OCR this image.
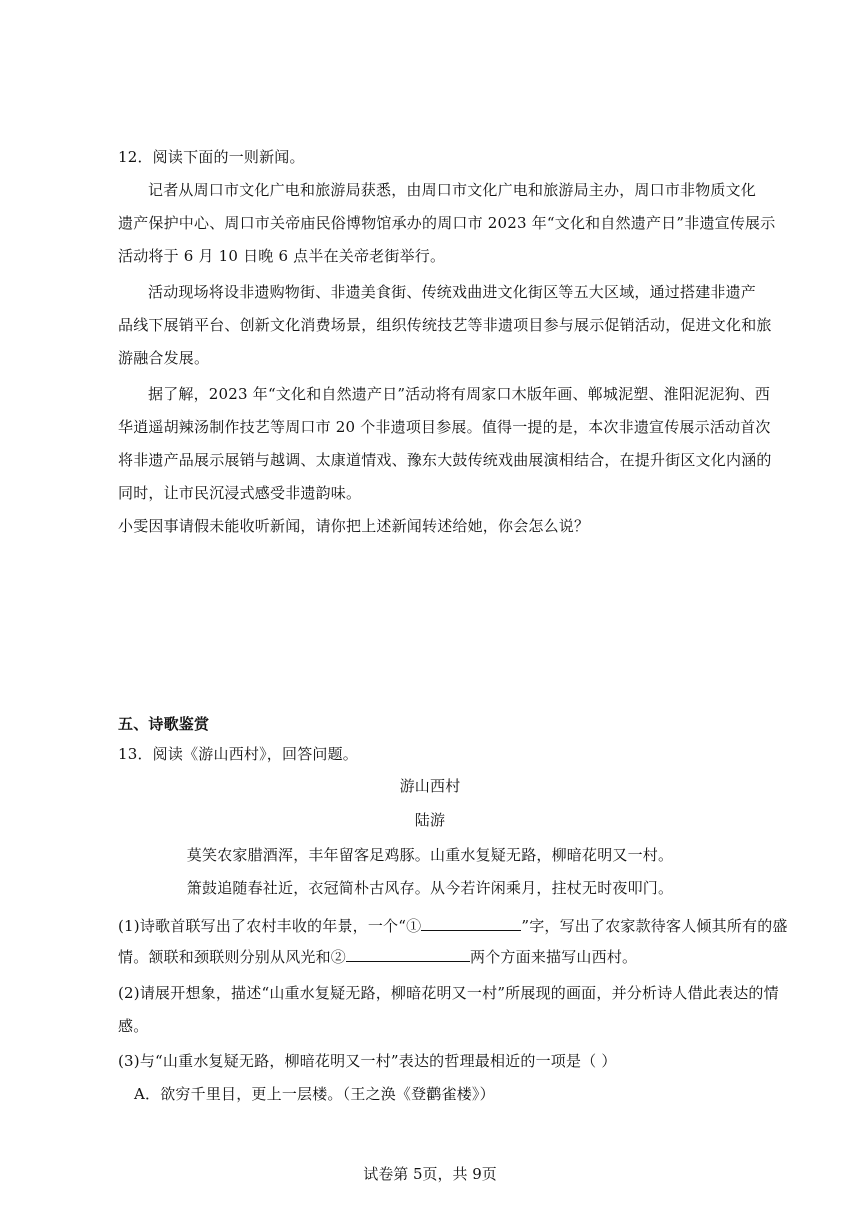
12．阅读下面的一则新闻。
记者从周口市文化广电和旅游局获悉，由周口市文化广电和旅游局主办，周口市非物质文化
遗产保护中心、周口市关帝庙民俗博物馆承办的周口市 2023 年“文化和自然遗产日”非遗宣传展示
活动将于 6 月 10 日晚 6 点半在关帝老街举行。
活动现场将设非遗购物街、非遗美食街、传统戏曲进文化街区等五大区域，通过搭建非遗产
品线下展销平台、创新文化消费场景，组织传统技艺等非遗项目参与展示促销活动，促进文化和旅
游融合发展。
据了解，2023 年“文化和自然遗产日”活动将有周家口木版年画、郸城泥塑、淮阳泥泥狗、西
华逍遥胡辣汤制作技艺等周口市 20 个非遗项目参展。值得一提的是，本次非遗宣传展示活动首次
将非遗产品展示展销与越调、太康道情戏、豫东大鼓传统戏曲展演相结合，在提升街区文化内涵的
同时，让市民沉浸式感受非遗韵味。
小雯因事请假未能收听新闻，请你把上述新闻转述给她，你会怎么说？
五、诗歌鉴赏
13．阅读《游山西村》，回答问题。
游山西村
陆游
莫笑农家腊酒浑，丰年留客足鸡豚。山重水复疑无路，柳暗花明又一村。
箫鼓追随春社近，衣冠简朴古风存。从今若许闲乘月，拄杖无时夜叩门。
(1)诗歌首联写出了农村丰收的年景，一个“①	”字，写出了农家款待客人倾其所有的盛
情。颔联和颈联则分别从风光和②	两个方面来描写山西村。
(2)请展开想象，描述“山重水复疑无路，柳暗花明又一村”所展现的画面，并分析诗人借此表达的情
感。
(3)与“山重水复疑无路，柳暗花明又一村”表达的哲理最相近的一项是（ ）
A．欲穷千里目，更上一层楼。（王之涣《登鹳雀楼》）
试卷第 5页，共 9页
